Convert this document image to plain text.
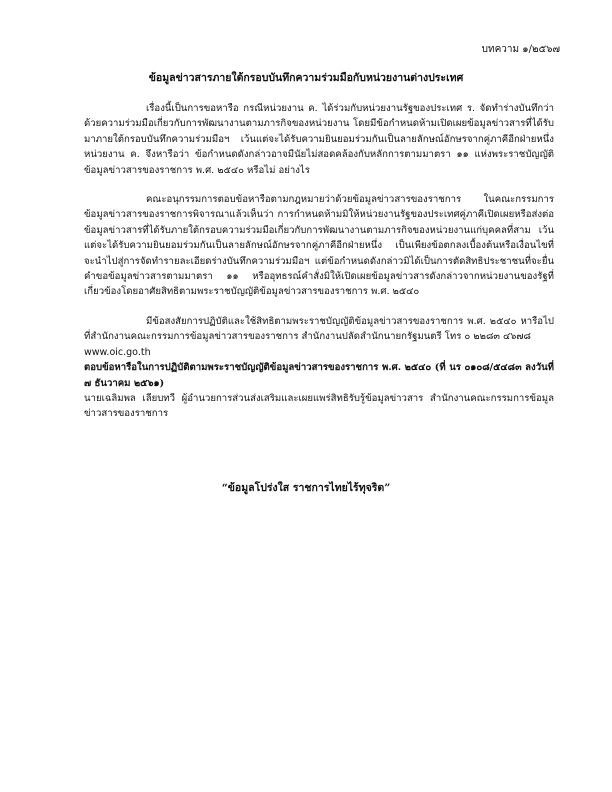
บทความ ๑/๒๕๖๗
ข้อมูลข่าวสารภายใต้กรอบบันทึกความร่วมมือกับหน่วยงานต่างประเทศ

เรื่องนี้เป็นการขอหารือ กรณีหน่วยงาน ค. ได้ร่วมกับหน่วยงานรัฐของประเทศ ร. จัดทำร่างบันทึกว่าด้วยความร่วมมือเกี่ยวกับการพัฒนางานตามภารกิจของหน่วยงาน โดยมีข้อกำหนดห้ามเปิดเผยข้อมูลข่าวสารที่ได้รับมาภายใต้กรอบบันทึกความร่วมมือฯ เว้นแต่จะได้รับความยินยอมร่วมกันเป็นลายลักษณ์อักษรจากคู่ภาคีอีกฝ่ายหนึ่ง หน่วยงาน ค. จึงหารือว่า ข้อกำหนดดังกล่าวอาจมีนัยไม่สอดคล้องกับหลักการตามมาตรา ๑๑ แห่งพระราชบัญญัติข้อมูลข่าวสารของราชการ พ.ศ. ๒๕๔๐ หรือไม่ อย่างไร

คณะอนุกรรมการตอบข้อหารือตามกฎหมายว่าด้วยข้อมูลข่าวสารของราชการ ในคณะกรรมการข้อมูลข่าวสารของราชการพิจารณาแล้วเห็นว่า การกำหนดห้ามมิให้หน่วยงานรัฐของประเทศคู่ภาคีเปิดเผยหรือส่งต่อข้อมูลข่าวสารที่ได้รับภายใต้กรอบความร่วมมือเกี่ยวกับการพัฒนางานตามภารกิจของหน่วยงานแก่บุคคลที่สาม เว้นแต่จะได้รับความยินยอมร่วมกันเป็นลายลักษณ์อักษรจากคู่ภาคีอีกฝ่ายหนึ่ง เป็นเพียงข้อตกลงเบื้องต้นหรือเงื่อนไขที่จะนำไปสู่การจัดทำรายละเอียดร่างบันทึกความร่วมมือฯ แต่ข้อกำหนดดังกล่าวมิได้เป็นการตัดสิทธิประชาชนที่จะยื่นคำขอข้อมูลข่าวสารตามมาตรา ๑๑ หรืออุทธรณ์คำสั่งมิให้เปิดเผยข้อมูลข่าวสารดังกล่าวจากหน่วยงานของรัฐที่เกี่ยวข้องโดยอาศัยสิทธิตามพระราชบัญญัติข้อมูลข่าวสารของราชการ พ.ศ. ๒๕๔๐

มีข้อสงสัยการปฏิบัติและใช้สิทธิตามพระราชบัญญัติข้อมูลข่าวสารของราชการ พ.ศ. ๒๕๔๐ หารือไปที่สำนักงานคณะกรรมการข้อมูลข่าวสารของราชการ สำนักงานปลัดสำนักนายกรัฐมนตรี โทร ๐ ๒๒๘๓ ๔๖๗๘

www.oic.go.th
ตอบข้อหารือในการปฏิบัติตามพระราชบัญญัติข้อมูลข่าวสารของราชการ พ.ศ. ๒๕๔๐ (ที่ นร ๐๑๐๘/๕๔๘๓ ลงวันที่ ๗ ธันวาคม ๒๕๖๑)
นายเฉลิมพล เลียบทวี ผู้อำนวยการส่วนส่งเสริมและเผยแพร่สิทธิรับรู้ข้อมูลข่าวสาร สำนักงานคณะกรรมการข้อมูลข่าวสารของราชการ
“ข้อมูลโปร่งใส ราชการไทยไร้ทุจริต”
